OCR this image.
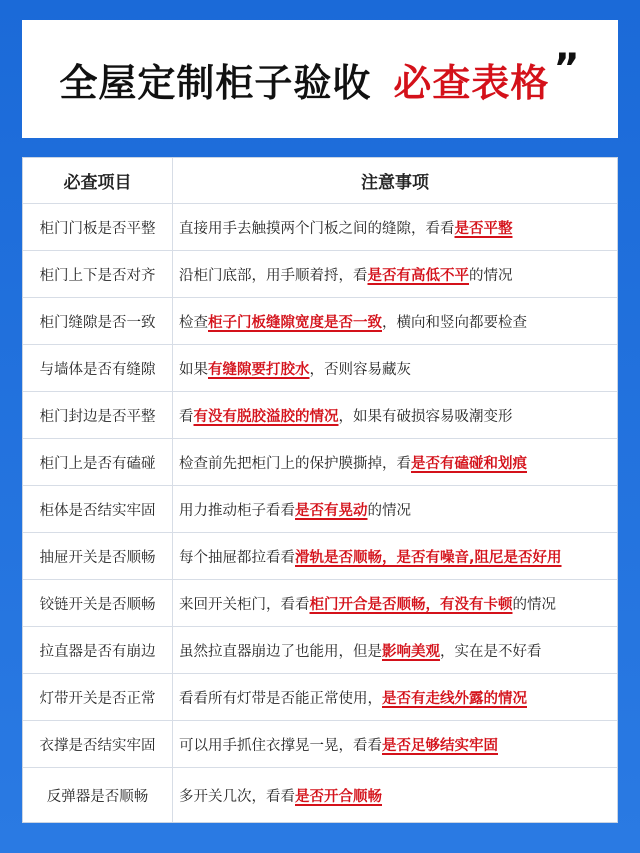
全屋定制柜子验收 必查表格 ”
必查项目	注意事项
柜门门板是否平整	直接用手去触摸两个门板之间的缝隙，看看 是否平整
柜门上下是否对齐	沿柜门底部，用手顺着捋，看 是否有高低不平 的情况
柜门缝隙是否一致	检查 柜子门板缝隙宽度是否一致 ，横向和竖向都要检查
与墙体是否有缝隙	如果 有缝隙要打胶水 ，否则容易藏灰
柜门封边是否平整	看 有没有脱胶溢胶的情况 ，如果有破损容易吸潮变形
柜门上是否有磕碰	检查前先把柜门上的保护膜撕掉，看 是否有磕碰和划痕
柜体是否结实牢固	用力推动柜子看看 是否有晃动 的情况
抽屉开关是否顺畅	每个抽屉都拉看看 滑轨是否顺畅，是否有噪音,阻尼是否好用
铰链开关是否顺畅	来回开关柜门，看看 柜门开合是否顺畅，有没有卡顿 的情况
拉直器是否有崩边	虽然拉直器崩边了也能用，但是 影响美观 ，实在是不好看
灯带开关是否正常	看看所有灯带是否能正常使用， 是否有走线外露的情况
衣撑是否结实牢固	可以用手抓住衣撑晃一晃，看看 是否足够结实牢固
反弹器是否顺畅	多开关几次，看看 是否开合顺畅
